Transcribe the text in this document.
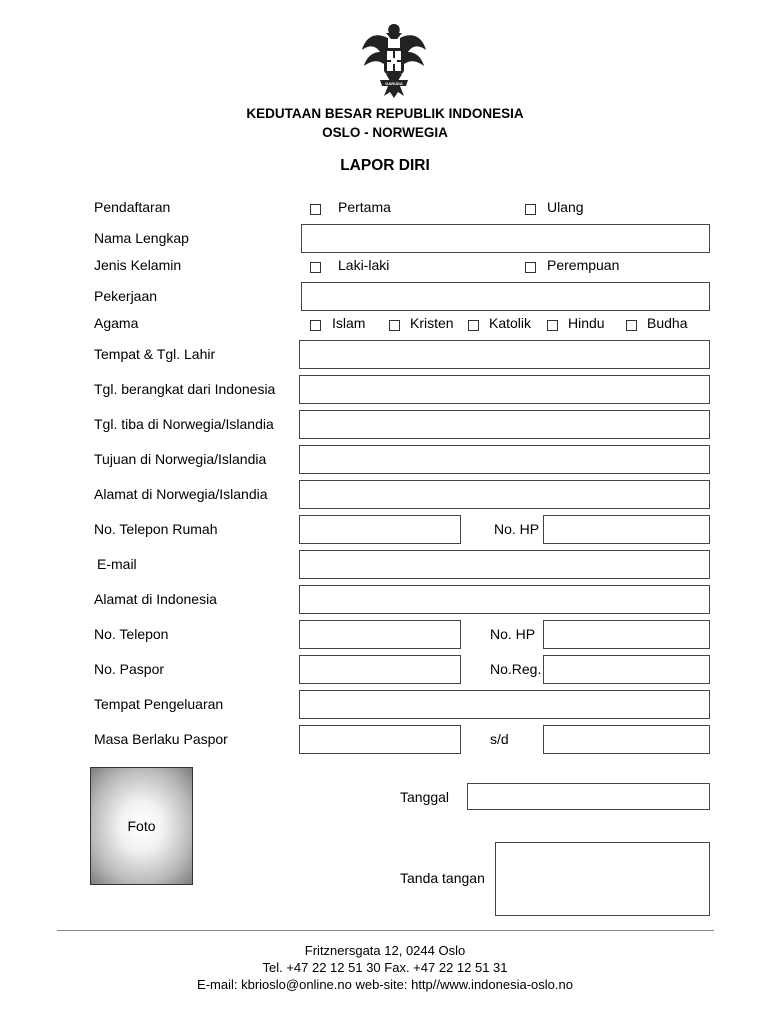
GARUDA
KEDUTAAN BESAR REPUBLIK INDONESIA
OSLO - NORWEGIA
LAPOR DIRI
Pendaftaran	Pertama	Ulang
Nama Lengkap
Jenis Kelamin	Laki-laki	Perempuan
Pekerjaan
Agama	Islam	Kristen	Katolik	Hindu	Budha
Tempat & Tgl. Lahir
Tgl. berangkat dari Indonesia
Tgl. tiba di Norwegia/Islandia
Tujuan di Norwegia/Islandia
Alamat di Norwegia/Islandia
No. Telepon Rumah	No. HP
E-mail
Alamat di Indonesia
No. Telepon	No. HP
No. Paspor	No.Reg.
Tempat Pengeluaran
Masa Berlaku Paspor	s/d
Foto
Tanggal
Tanda tangan
Fritznersgata 12, 0244 Oslo
Tel. +47 22 12 51 30 Fax. +47 22 12 51 31
E-mail: kbrioslo@online.no web-site: http//www.indonesia-oslo.no
